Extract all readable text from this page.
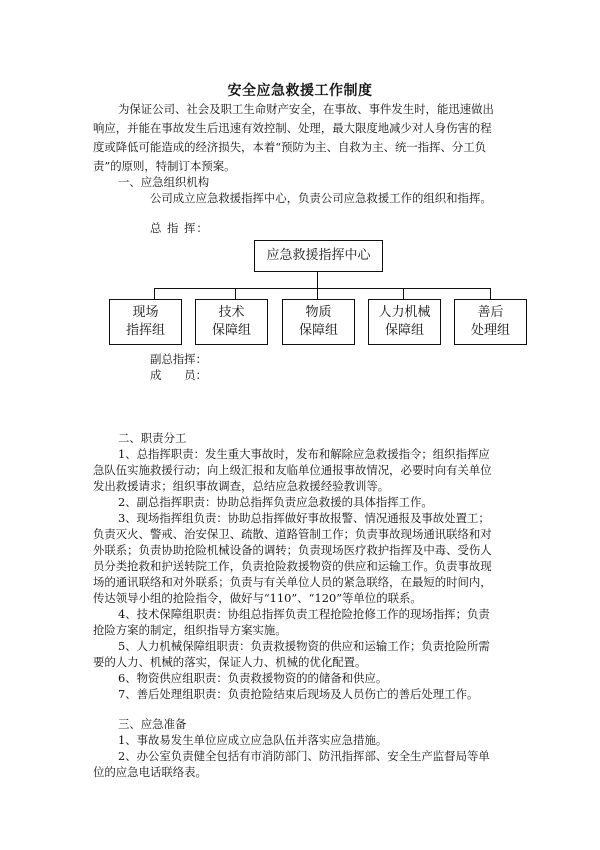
安全应急救援工作制度
为保证公司、社会及职工生命财产安全，在事故、事件发生时，能迅速做出
响应，并能在事故发生后迅速有效控制、处理，最大限度地减少对人身伤害的程
度或降低可能造成的经济损失，本着“预防为主、自救为主、统一指挥、分工负
责”的原则，特制订本预案。
一、应急组织机构
公司成立应急救援指挥中心，负责公司应急救援工作的组织和指挥。
总 指 挥：
应急救援指挥中心
现场
指挥组
技术
保障组
物质
保障组
人力机械
保障组
善后
处理组
副总指挥：
成　　员：
二、职责分工
1、总指挥职责：发生重大事故时，发布和解除应急救援指令；组织指挥应
急队伍实施救援行动；向上级汇报和友临单位通报事故情况，必要时向有关单位
发出救援请求；组织事故调查，总结应急救援经验教训等。
2、副总指挥职责：协助总指挥负责应急救援的具体指挥工作。
3、现场指挥组负责：协助总指挥做好事故报警、情况通报及事故处置工；
负责灭火、警戒、治安保卫、疏散、道路管制工作；负责事故现场通讯联络和对
外联系；负责协助抢险机械设备的调转；负责现场医疗救护指挥及中毒、受伤人
员分类抢救和护送转院工作，负责抢险救援物资的供应和运输工作。负责事故现
场的通讯联络和对外联系；负责与有关单位人员的紧急联络，在最短的时间内，
传达领导小组的抢险指令，做好与“110”、“120”等单位的联系。
4、技术保障组职责：协组总指挥负责工程抢险抢修工作的现场指挥；负责
抢险方案的制定，组织指导方案实施。
5、人力机械保障组职责：负责救援物资的供应和运输工作；负责抢险所需
要的人力、机械的落实，保证人力、机械的优化配置。
6、物资供应组职责：负责救援物资的的储备和供应。
7、善后处理组职责：负责抢险结束后现场及人员伤亡的善后处理工作。
三、应急准备
1、事故易发生单位应成立应急队伍并落实应急措施。
2、办公室负责健全包括有市消防部门、防汛指挥部、安全生产监督局等单
位的应急电话联络表。
